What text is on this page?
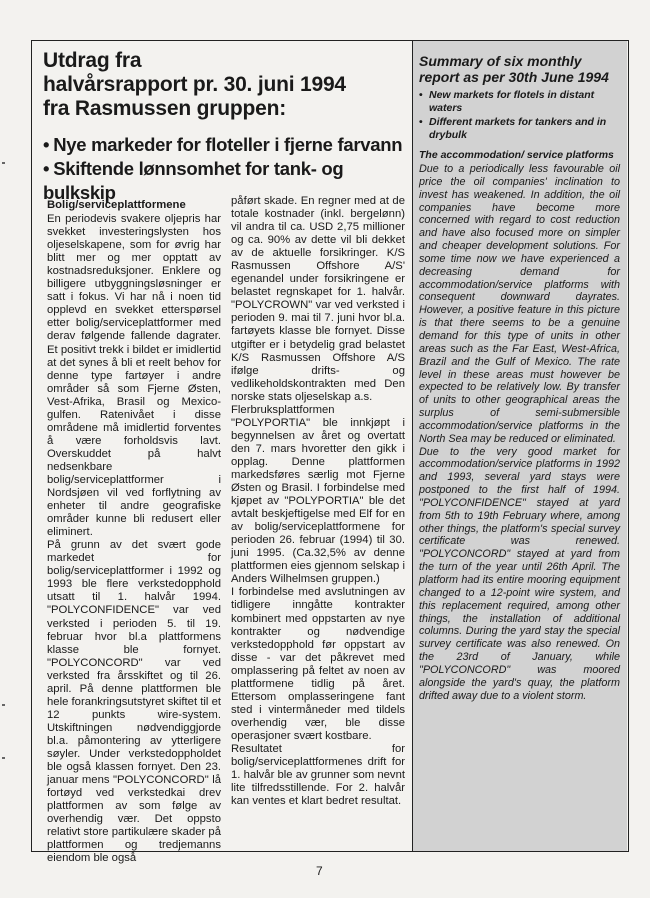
Utdrag fra
halvårsrapport pr. 30. juni 1994
fra Rasmussen gruppen:
• Nye markeder for floteller i fjerne farvann
• Skiftende lønnsomhet for tank- og bulkskip
Bolig/serviceplattformene

En periodevis svakere oljepris har svekket investeringslysten hos oljeselskapene, som for øvrig har blitt mer og mer opptatt av kostnadsreduksjoner. Enklere og billigere utbyggningsløsninger er satt i fokus. Vi har nå i noen tid opplevd en svekket etterspørsel etter bolig/serviceplattformer med derav følgende fallende dagrater. Et positivt trekk i bildet er imidlertid at det synes å bli et reelt behov for denne type fartøyer i andre områder så som Fjerne Østen, Vest-Afrika, Brasil og Mexico-gulfen. Ratenivået i disse områdene må imidlertid forventes å være forholdsvis lavt. Overskuddet på halvt nedsenkbare bolig/serviceplattformer i Nordsjøen vil ved forflytning av enheter til andre geografiske områder kunne bli redusert eller eliminert.

På grunn av det svært gode markedet for bolig/serviceplattformer i 1992 og 1993 ble flere verkstedopphold utsatt til 1. halvår 1994. "POLYCONFIDENCE" var ved verksted i perioden 5. til 19. februar hvor bl.a plattformens klasse ble fornyet. "POLYCONCORD" var ved verksted fra årsskiftet og til 26. april. På denne plattformen ble hele forankringsutstyret skiftet til et 12 punkts wire-system. Utskiftningen nødvendiggjorde bl.a. påmontering av ytterligere søyler. Under verkstedoppholdet ble også klassen fornyet. Den 23. januar mens "POLYCONCORD" lå fortøyd ved verkstedkai drev plattformen av som følge av overhendig vær. Det oppsto relativt store partikulære skader på plattformen og tredjemanns eiendom ble også

påført skade. En regner med at de totale kostnader (inkl. bergelønn) vil andra til ca. USD 2,75 millioner og ca. 90% av dette vil bli dekket av de aktuelle forsikringer. K/S Rasmussen Offshore A/S' egenandel under forsikringene er belastet regnskapet for 1. halvår. "POLYCROWN" var ved verksted i perioden 9. mai til 7. juni hvor bl.a. fartøyets klasse ble fornyet. Disse utgifter er i betydelig grad belastet K/S Rasmussen Offshore A/S ifølge drifts- og vedlikeholdskontrakten med Den norske stats oljeselskap a.s.

Flerbruksplattformen "POLYPORTIA" ble innkjøpt i begynnelsen av året og overtatt den 7. mars hvoretter den gikk i opplag. Denne plattformen markedsføres særlig mot Fjerne Østen og Brasil. I forbindelse med kjøpet av "POLYPORTIA" ble det avtalt beskjeftigelse med Elf for en av bolig/serviceplattformene for perioden 26. februar (1994) til 30. juni 1995. (Ca.32,5% av denne plattformen eies gjennom selskap i Anders Wilhelmsen gruppen.)

I forbindelse med avslutningen av tidligere inngåtte kontrakter kombinert med oppstarten av nye kontrakter og nødvendige verkstedopphold før oppstart av disse - var det påkrevet med omplassering på feltet av noen av plattformene tidlig på året. Ettersom omplasseringene fant sted i vintermåneder med tildels overhendig vær, ble disse operasjoner svært kostbare.

Resultatet for bolig/serviceplattformenes drift for 1. halvår ble av grunner som nevnt lite tilfredsstillende. For 2. halvår kan ventes et klart bedret resultat.

Summary of six monthly report as per 30th June 1994
• New markets for flotels in distant waters
• Different markets for tankers and in drybulk
The accommodation/ service platforms

Due to a periodically less favourable oil price the oil companies' inclination to invest has weakened. In addition, the oil companies have become more concerned with regard to cost reduction and have also focused more on simpler and cheaper development solutions. For some time now we have experienced a decreasing demand for accommodation/service platforms with consequent downward dayrates. However, a positive feature in this picture is that there seems to be a genuine demand for this type of units in other areas such as the Far East, West-Africa, Brazil and the Gulf of Mexico. The rate level in these areas must however be expected to be relatively low. By transfer of units to other geographical areas the surplus of semi-submersible accommodation/service platforms in the North Sea may be reduced or eliminated.

Due to the very good market for accommodation/service platforms in 1992 and 1993, several yard stays were postponed to the first half of 1994. "POLYCONFIDENCE" stayed at yard from 5th to 19th February where, among other things, the platform's special survey certificate was renewed. "POLYCONCORD" stayed at yard from the turn of the year until 26th April. The platform had its entire mooring equipment changed to a 12-point wire system, and this replacement required, among other things, the installation of additional columns. During the yard stay the special survey certificate was also renewed. On the 23rd of January, while "POLYCONCORD" was moored alongside the yard's quay, the platform drifted away due to a violent storm.

7
